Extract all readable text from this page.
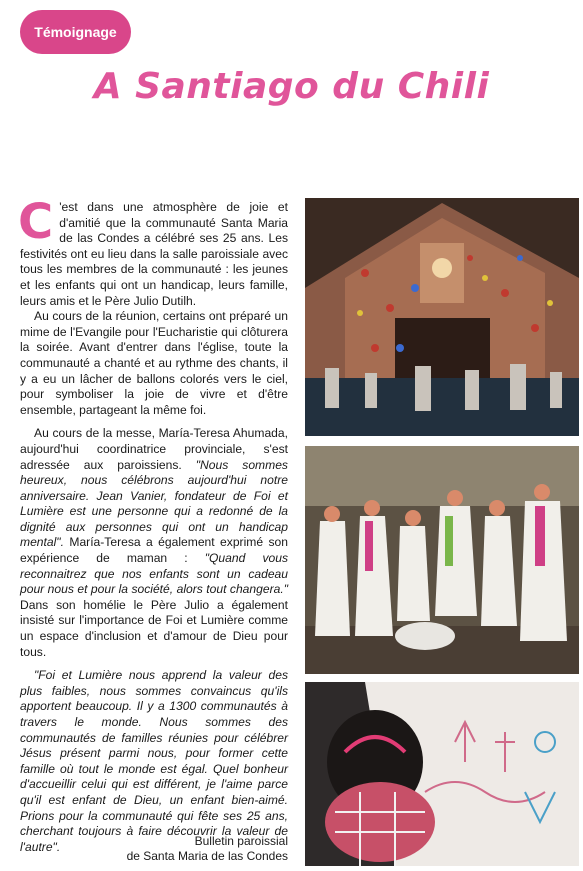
Témoignage
A Santiago du Chili

C 'est dans une atmosphère de joie et d'amitié que la communauté Santa Maria de las Condes a célébré ses 25 ans. Les festivités ont eu lieu dans la salle paroissiale avec tous les membres de la communauté : les jeunes et les enfants qui ont un handicap, leurs famille, leurs amis et le Père Julio Dutilh.

Au cours de la réunion, certains ont préparé un mime de l'Evangile pour l'Eucharistie qui clôturera la soirée. Avant d'entrer dans l'église, toute la communauté a chanté et au rythme des chants, il y a eu un lâcher de ballons colorés vers le ciel, pour symboliser la joie de vivre et d'être ensemble, partageant la même foi.

Au cours de la messe, María-Teresa Ahumada, aujourd'hui coordinatrice provinciale, s'est adressée aux paroissiens. "Nous sommes heureux, nous célébrons aujourd'hui notre anniversaire. Jean Vanier, fondateur de Foi et Lumière est une personne qui a redonné de la dignité aux personnes qui ont un handicap mental". María-Teresa a également exprimé son expérience de maman : "Quand vous reconnaitrez que nos enfants sont un cadeau pour nous et pour la société, alors tout changera." Dans son homélie le Père Julio a également insisté sur l'importance de Foi et Lumière comme un espace d'inclusion et d'amour de Dieu pour tous.

"Foi et Lumière nous apprend la valeur des plus faibles, nous sommes convaincus qu'ils apportent beaucoup. Il y a 1300 communautés à travers le monde. Nous sommes des communautés de familles réunies pour célébrer Jésus présent parmi nous, pour former cette famille où tout le monde est égal. Quel bonheur d'accueillir celui qui est différent, je l'aime parce qu'il est enfant de Dieu, un enfant bien-aimé. Prions pour la communauté qui fête ses 25 ans, cherchant toujours à faire découvrir la valeur de l'autre".	Bulletin paroissial
de Santa Maria de las Condes
